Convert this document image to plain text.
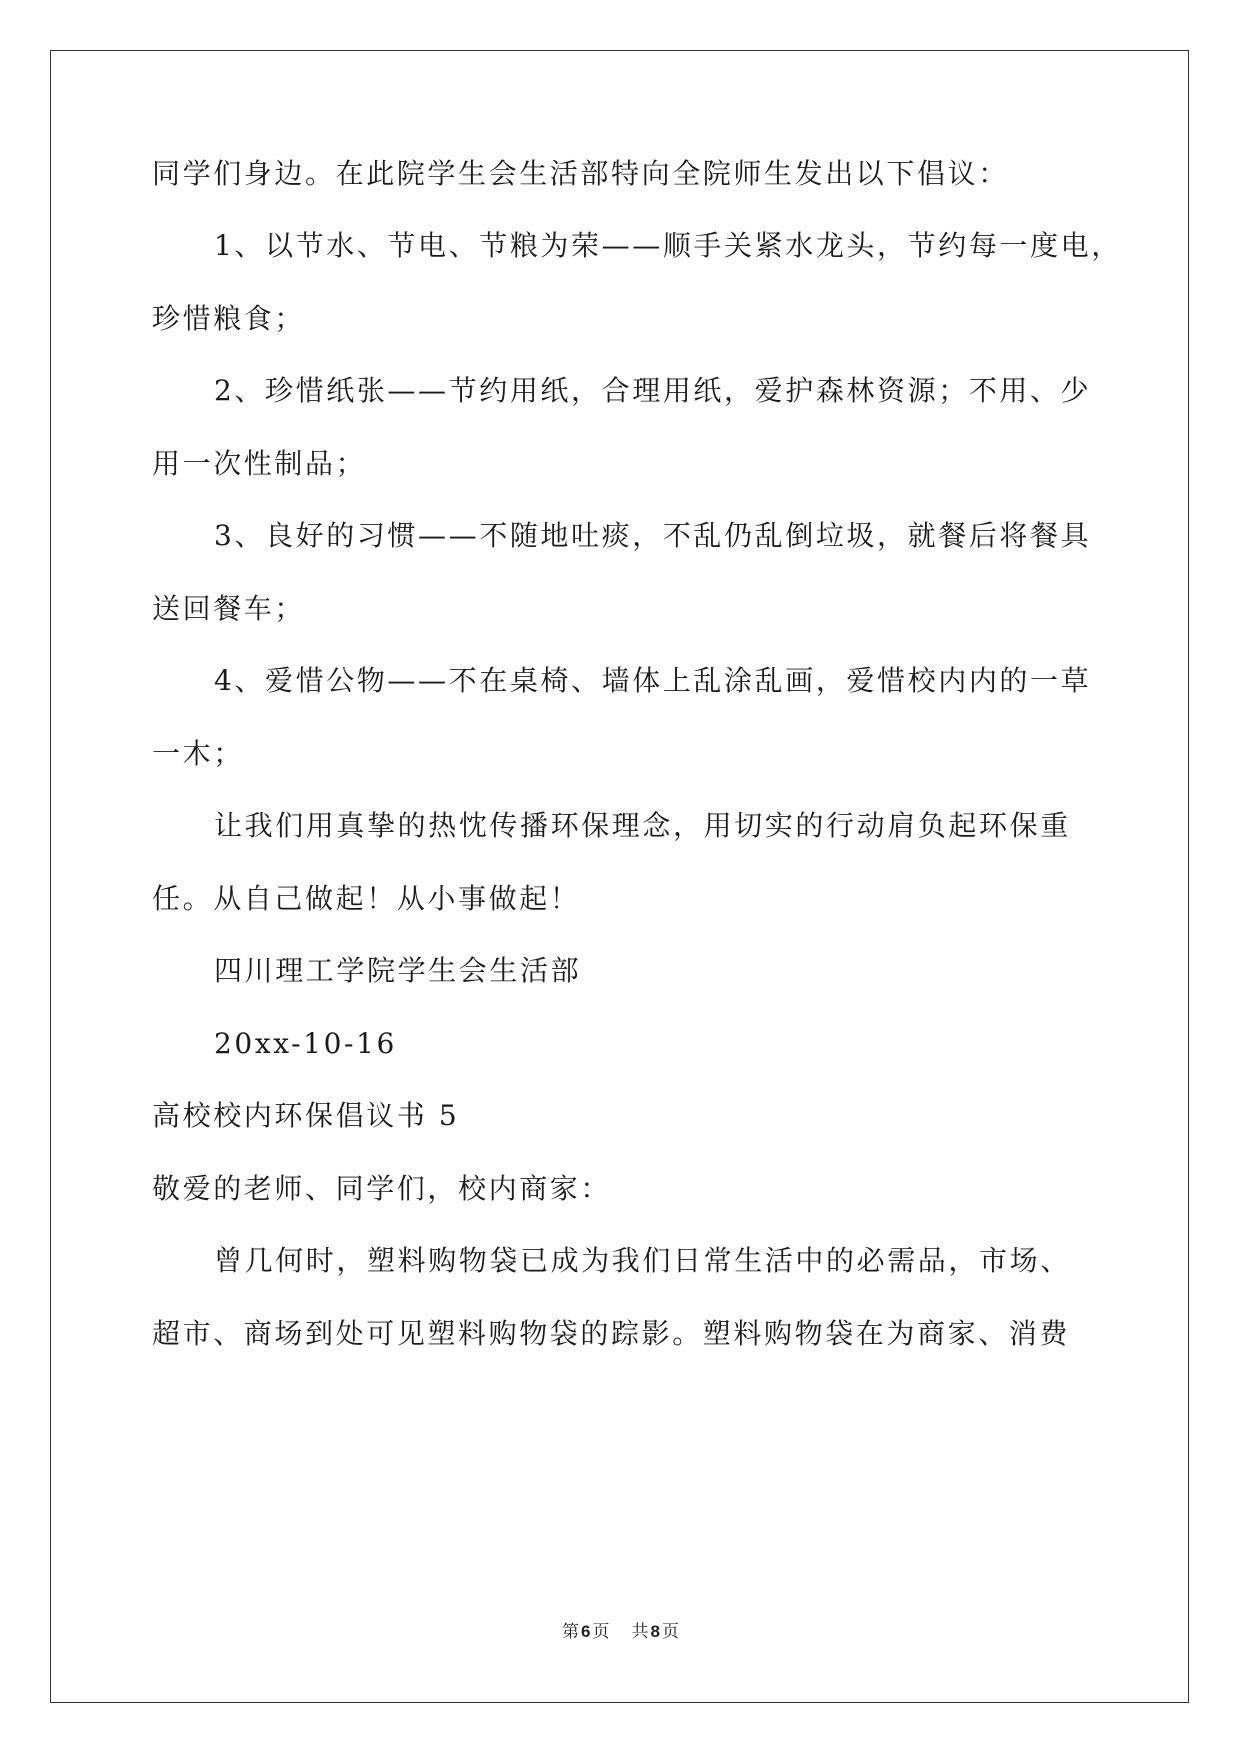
同学们身边。在此院学生会生活部特向全院师生发出以下倡议：
1、以节水、节电、节粮为荣——顺手关紧水龙头，节约每一度电，
珍惜粮食；
2、珍惜纸张——节约用纸，合理用纸，爱护森林资源；不用、少
用一次性制品；
3、良好的习惯——不随地吐痰，不乱仍乱倒垃圾，就餐后将餐具
送回餐车；
4、爱惜公物——不在桌椅、墙体上乱涂乱画，爱惜校内内的一草
一木；
让我们用真挚的热忱传播环保理念，用切实的行动肩负起环保重
任。从自己做起！从小事做起！
四川理工学院学生会生活部
20xx-10-16
高校校内环保倡议书 5
敬爱的老师、同学们，校内商家：
曾几何时，塑料购物袋已成为我们日常生活中的必需品，市场、
超市、商场到处可见塑料购物袋的踪影。塑料购物袋在为商家、消费
第 6 页 共 8 页
